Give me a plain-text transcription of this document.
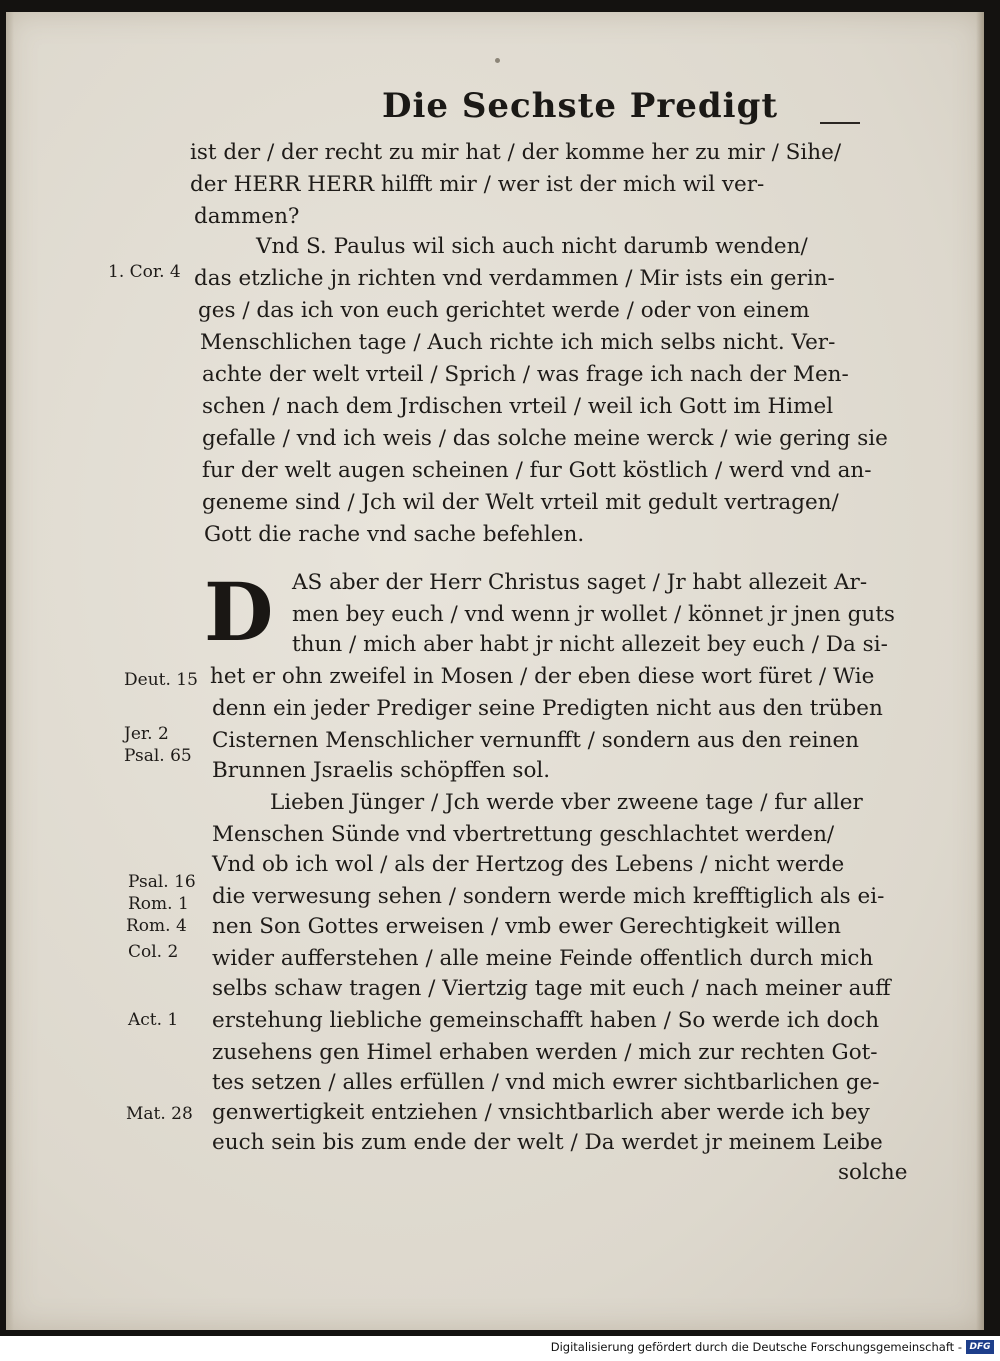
Die Sechste Predigt
D
ist der / der recht zu mir hat / der komme her zu mir / Sihe/
der HERR HERR hilfft mir / wer ist der mich wil ver-
dammen?
Vnd S. Paulus wil sich auch nicht darumb wenden/
das etzliche jn richten vnd verdammen / Mir ists ein gerin-
ges / das ich von euch gerichtet werde / oder von einem
Menschlichen tage / Auch richte ich mich selbs nicht. Ver-
achte der welt vrteil / Sprich / was frage ich nach der Men-
schen / nach dem Jrdischen vrteil / weil ich Gott im Himel
gefalle / vnd ich weis / das solche meine werck / wie gering sie
fur der welt augen scheinen / fur Gott köstlich / werd vnd an-
geneme sind / Jch wil der Welt vrteil mit gedult vertragen/
Gott die rache vnd sache befehlen.
AS aber der Herr Christus saget / Jr habt allezeit Ar-
men bey euch / vnd wenn jr wollet / könnet jr jnen guts
thun / mich aber habt jr nicht allezeit bey euch / Da si-
het er ohn zweifel in Mosen / der eben diese wort füret / Wie
denn ein jeder Prediger seine Predigten nicht aus den trüben
Cisternen Menschlicher vernunfft / sondern aus den reinen
Brunnen Jsraelis schöpffen sol.
Lieben Jünger / Jch werde vber zweene tage / fur aller
Menschen Sünde vnd vbertrettung geschlachtet werden/
Vnd ob ich wol / als der Hertzog des Lebens / nicht werde
die verwesung sehen / sondern werde mich krefftiglich als ei-
nen Son Gottes erweisen / vmb ewer Gerechtigkeit willen
wider aufferstehen / alle meine Feinde offentlich durch mich
selbs schaw tragen / Viertzig tage mit euch / nach meiner auff
erstehung liebliche gemeinschafft haben / So werde ich doch
zusehens gen Himel erhaben werden / mich zur rechten Got-
tes setzen / alles erfüllen / vnd mich ewrer sichtbarlichen ge-
genwertigkeit entziehen / vnsichtbarlich aber werde ich bey
euch sein bis zum ende der welt / Da werdet jr meinem Leibe
solche
1. Cor. 4
Deut. 15
Jer. 2
Psal. 65
Psal. 16
Rom. 1
Rom. 4
Col. 2
Act. 1
Mat. 28
Digitalisierung gefördert durch die Deutsche Forschungsgemeinschaft - DFG
